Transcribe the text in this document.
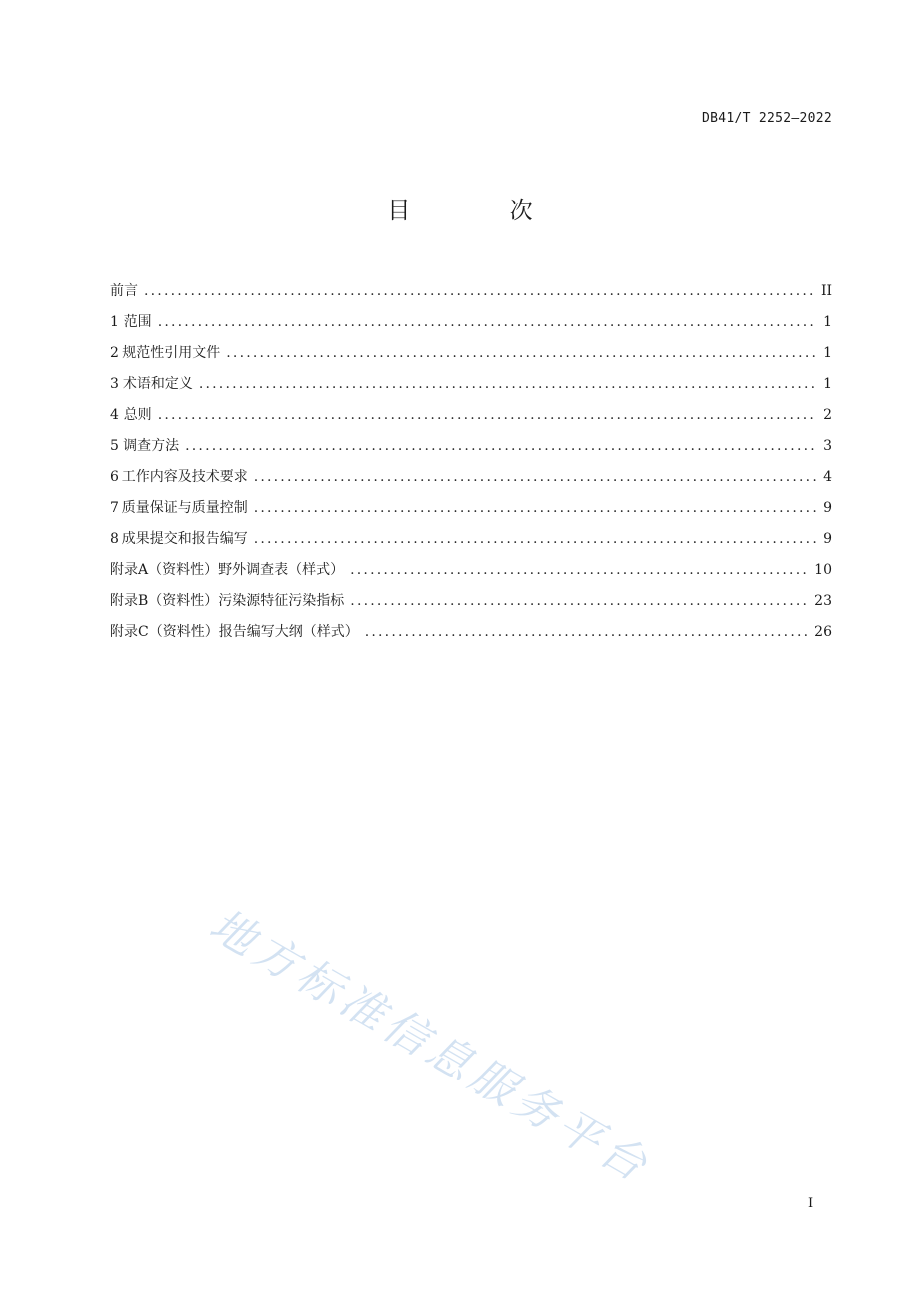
DB41/T 2252—2022
目 次
前言 .....	II
1 范围 .....	1
2 规范性引用文件 .....	1
3 术语和定义 .....	1
4 总则 .....	2
5 调查方法 .....	3
6 工作内容及技术要求 .....	4
7 质量保证与质量控制 .....	9
8 成果提交和报告编写 .....	9
附录A（资料性） 野外调查表（样式） .....	10
附录B（资料性） 污染源特征污染指标 .....	23
附录C（资料性） 报告编写大纲（样式） .....	26
地方标准信息服务平台
I
